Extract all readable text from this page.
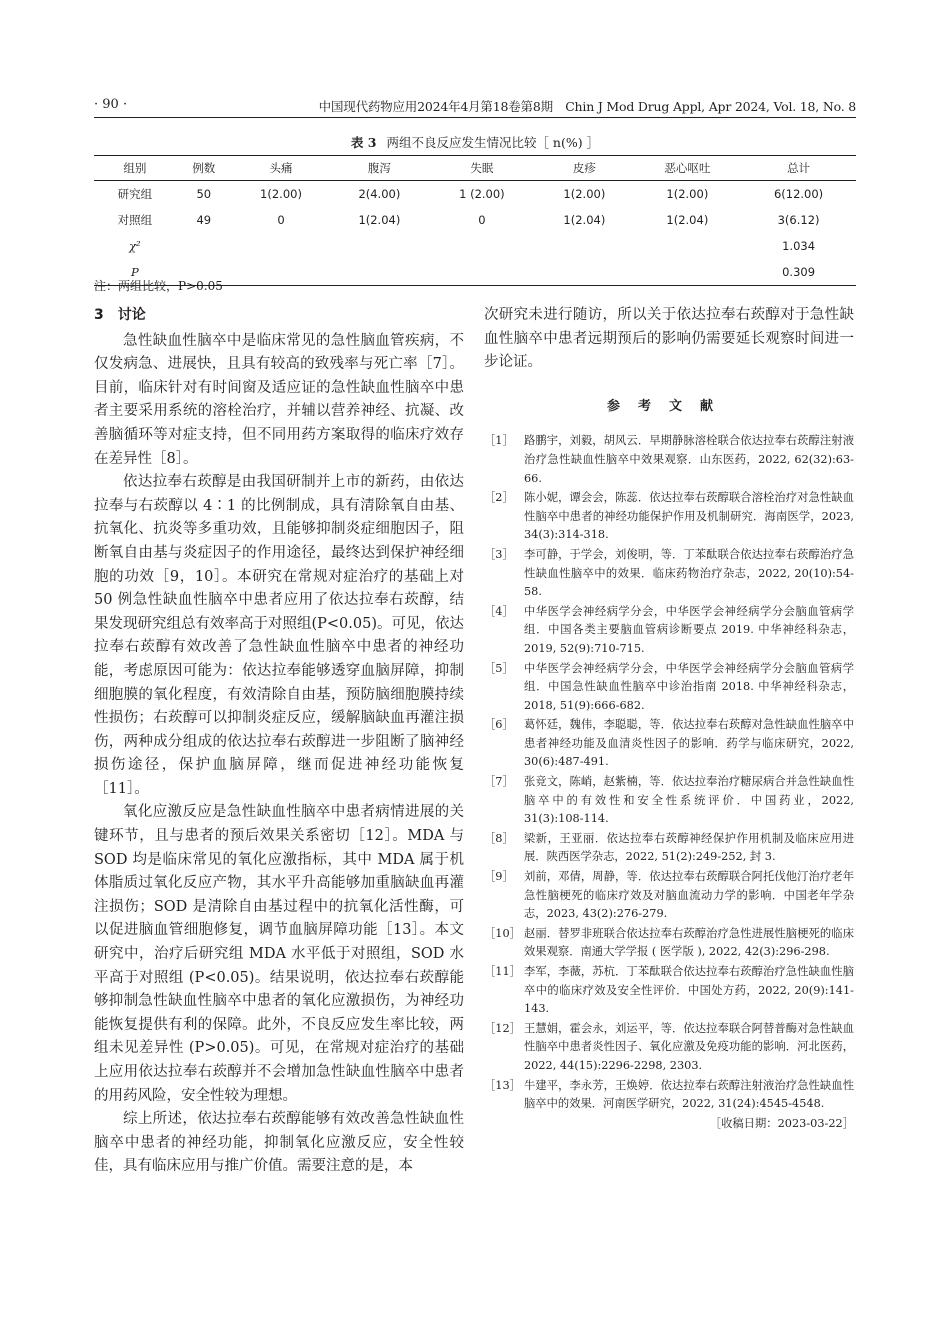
· 90 ·	中国现代药物应用2024年4月第18卷第8期　Chin J Mod Drug Appl, Apr 2024, Vol. 18, No. 8
表 3 两组不良反应发生情况比较［ n(%) ］
组别	例数	头痛	腹泻	失眠	皮疹	恶心呕吐	总计
研究组	50	1(2.00)	2(4.00)	1 (2.00)	1(2.00)	1(2.00)	6(12.00)
对照组	49	0	1(2.04)	0	1(2.04)	1(2.04)	3(6.12)
χ²							1.034
P							0.309
注：两组比较，P>0.05
3　讨论

急性缺血性脑卒中是临床常见的急性脑血管疾病，不仅发病急、进展快，且具有较高的致残率与死亡率［7］。目前，临床针对有时间窗及适应证的急性缺血性脑卒中患者主要采用系统的溶栓治疗，并辅以营养神经、抗凝、改善脑循环等对症支持，但不同用药方案取得的临床疗效存在差异性［8］。

依达拉奉右莰醇是由我国研制并上市的新药，由依达拉奉与右莰醇以 4∶1 的比例制成，具有清除氧自由基、抗氧化、抗炎等多重功效，且能够抑制炎症细胞因子，阻断氧自由基与炎症因子的作用途径，最终达到保护神经细胞的功效［9，10］。本研究在常规对症治疗的基础上对 50 例急性缺血性脑卒中患者应用了依达拉奉右莰醇，结果发现研究组总有效率高于对照组(P<0.05)。可见，依达拉奉右莰醇有效改善了急性缺血性脑卒中患者的神经功能，考虑原因可能为：依达拉奉能够透穿血脑屏障，抑制细胞膜的氧化程度，有效清除自由基，预防脑细胞膜持续性损伤；右莰醇可以抑制炎症反应，缓解脑缺血再灌注损伤，两种成分组成的依达拉奉右莰醇进一步阻断了脑神经损伤途径，保护血脑屏障，继而促进神经功能恢复［11］。

氧化应激反应是急性缺血性脑卒中患者病情进展的关键环节，且与患者的预后效果关系密切［12］。MDA 与 SOD 均是临床常见的氧化应激指标，其中 MDA 属于机体脂质过氧化反应产物，其水平升高能够加重脑缺血再灌注损伤；SOD 是清除自由基过程中的抗氧化活性酶，可以促进脑血管细胞修复，调节血脑屏障功能［13］。本文研究中，治疗后研究组 MDA 水平低于对照组，SOD 水平高于对照组 (P<0.05)。结果说明，依达拉奉右莰醇能够抑制急性缺血性脑卒中患者的氧化应激损伤，为神经功能恢复提供有利的保障。此外，不良反应发生率比较，两组未见差异性 (P>0.05)。可见，在常规对症治疗的基础上应用依达拉奉右莰醇并不会增加急性缺血性脑卒中患者的用药风险，安全性较为理想。

综上所述，依达拉奉右莰醇能够有效改善急性缺血性脑卒中患者的神经功能，抑制氧化应激反应，安全性较佳，具有临床应用与推广价值。需要注意的是，本

次研究未进行随访，所以关于依达拉奉右莰醇对于急性缺血性脑卒中患者远期预后的影响仍需要延长观察时间进一步论证。

参考文献
［1］ 路鹏宇，刘毅，胡风云．早期静脉溶栓联合依达拉奉右莰醇注射液治疗急性缺血性脑卒中效果观察．山东医药，2022, 62(32):63-66.
［2］ 陈小妮，谭会会，陈蕊．依达拉奉右莰醇联合溶栓治疗对急性缺血性脑卒中患者的神经功能保护作用及机制研究．海南医学，2023, 34(3):314-318.
［3］ 李可静，于学会，刘俊明，等．丁苯酞联合依达拉奉右莰醇治疗急性缺血性脑卒中的效果．临床药物治疗杂志，2022, 20(10):54-58.
［4］ 中华医学会神经病学分会，中华医学会神经病学分会脑血管病学组．中国各类主要脑血管病诊断要点 2019. 中华神经科杂志，2019, 52(9):710-715.
［5］ 中华医学会神经病学分会，中华医学会神经病学分会脑血管病学组．中国急性缺血性脑卒中诊治指南 2018. 中华神经科杂志，2018, 51(9):666-682.
［6］ 葛怀廷，魏伟，李聪聪，等．依达拉奉右莰醇对急性缺血性脑卒中患者神经功能及血清炎性因子的影响．药学与临床研究，2022, 30(6):487-491.
［7］ 张竞文，陈峭，赵紫楠，等．依达拉奉治疗糖尿病合并急性缺血性脑卒中的有效性和安全性系统评价．中国药业，2022, 31(3):108-114.
［8］ 梁新，王亚丽．依达拉奉右莰醇神经保护作用机制及临床应用进展．陕西医学杂志，2022, 51(2):249-252, 封 3.
［9］ 刘前，邓倩，周静，等．依达拉奉右莰醇联合阿托伐他汀治疗老年急性脑梗死的临床疗效及对脑血流动力学的影响．中国老年学杂志，2023, 43(2):276-279.
［10］ 赵丽．替罗非班联合依达拉奉右莰醇治疗急性进展性脑梗死的临床效果观察．南通大学学报 ( 医学版 ), 2022, 42(3):296-298.
［11］ 李军，李薇，苏杭．丁苯酞联合依达拉奉右莰醇治疗急性缺血性脑卒中的临床疗效及安全性评价．中国处方药，2022, 20(9):141-143.
［12］ 王慧娟，霍会永，刘运平，等．依达拉奉联合阿替普酶对急性缺血性脑卒中患者炎性因子、氧化应激及免疫功能的影响．河北医药，2022, 44(15):2296-2298, 2303.
［13］ 牛建平，李永芳，王焕婷．依达拉奉右莰醇注射液治疗急性缺血性脑卒中的效果．河南医学研究，2022, 31(24):4545-4548.
［收稿日期：2023-03-22］
